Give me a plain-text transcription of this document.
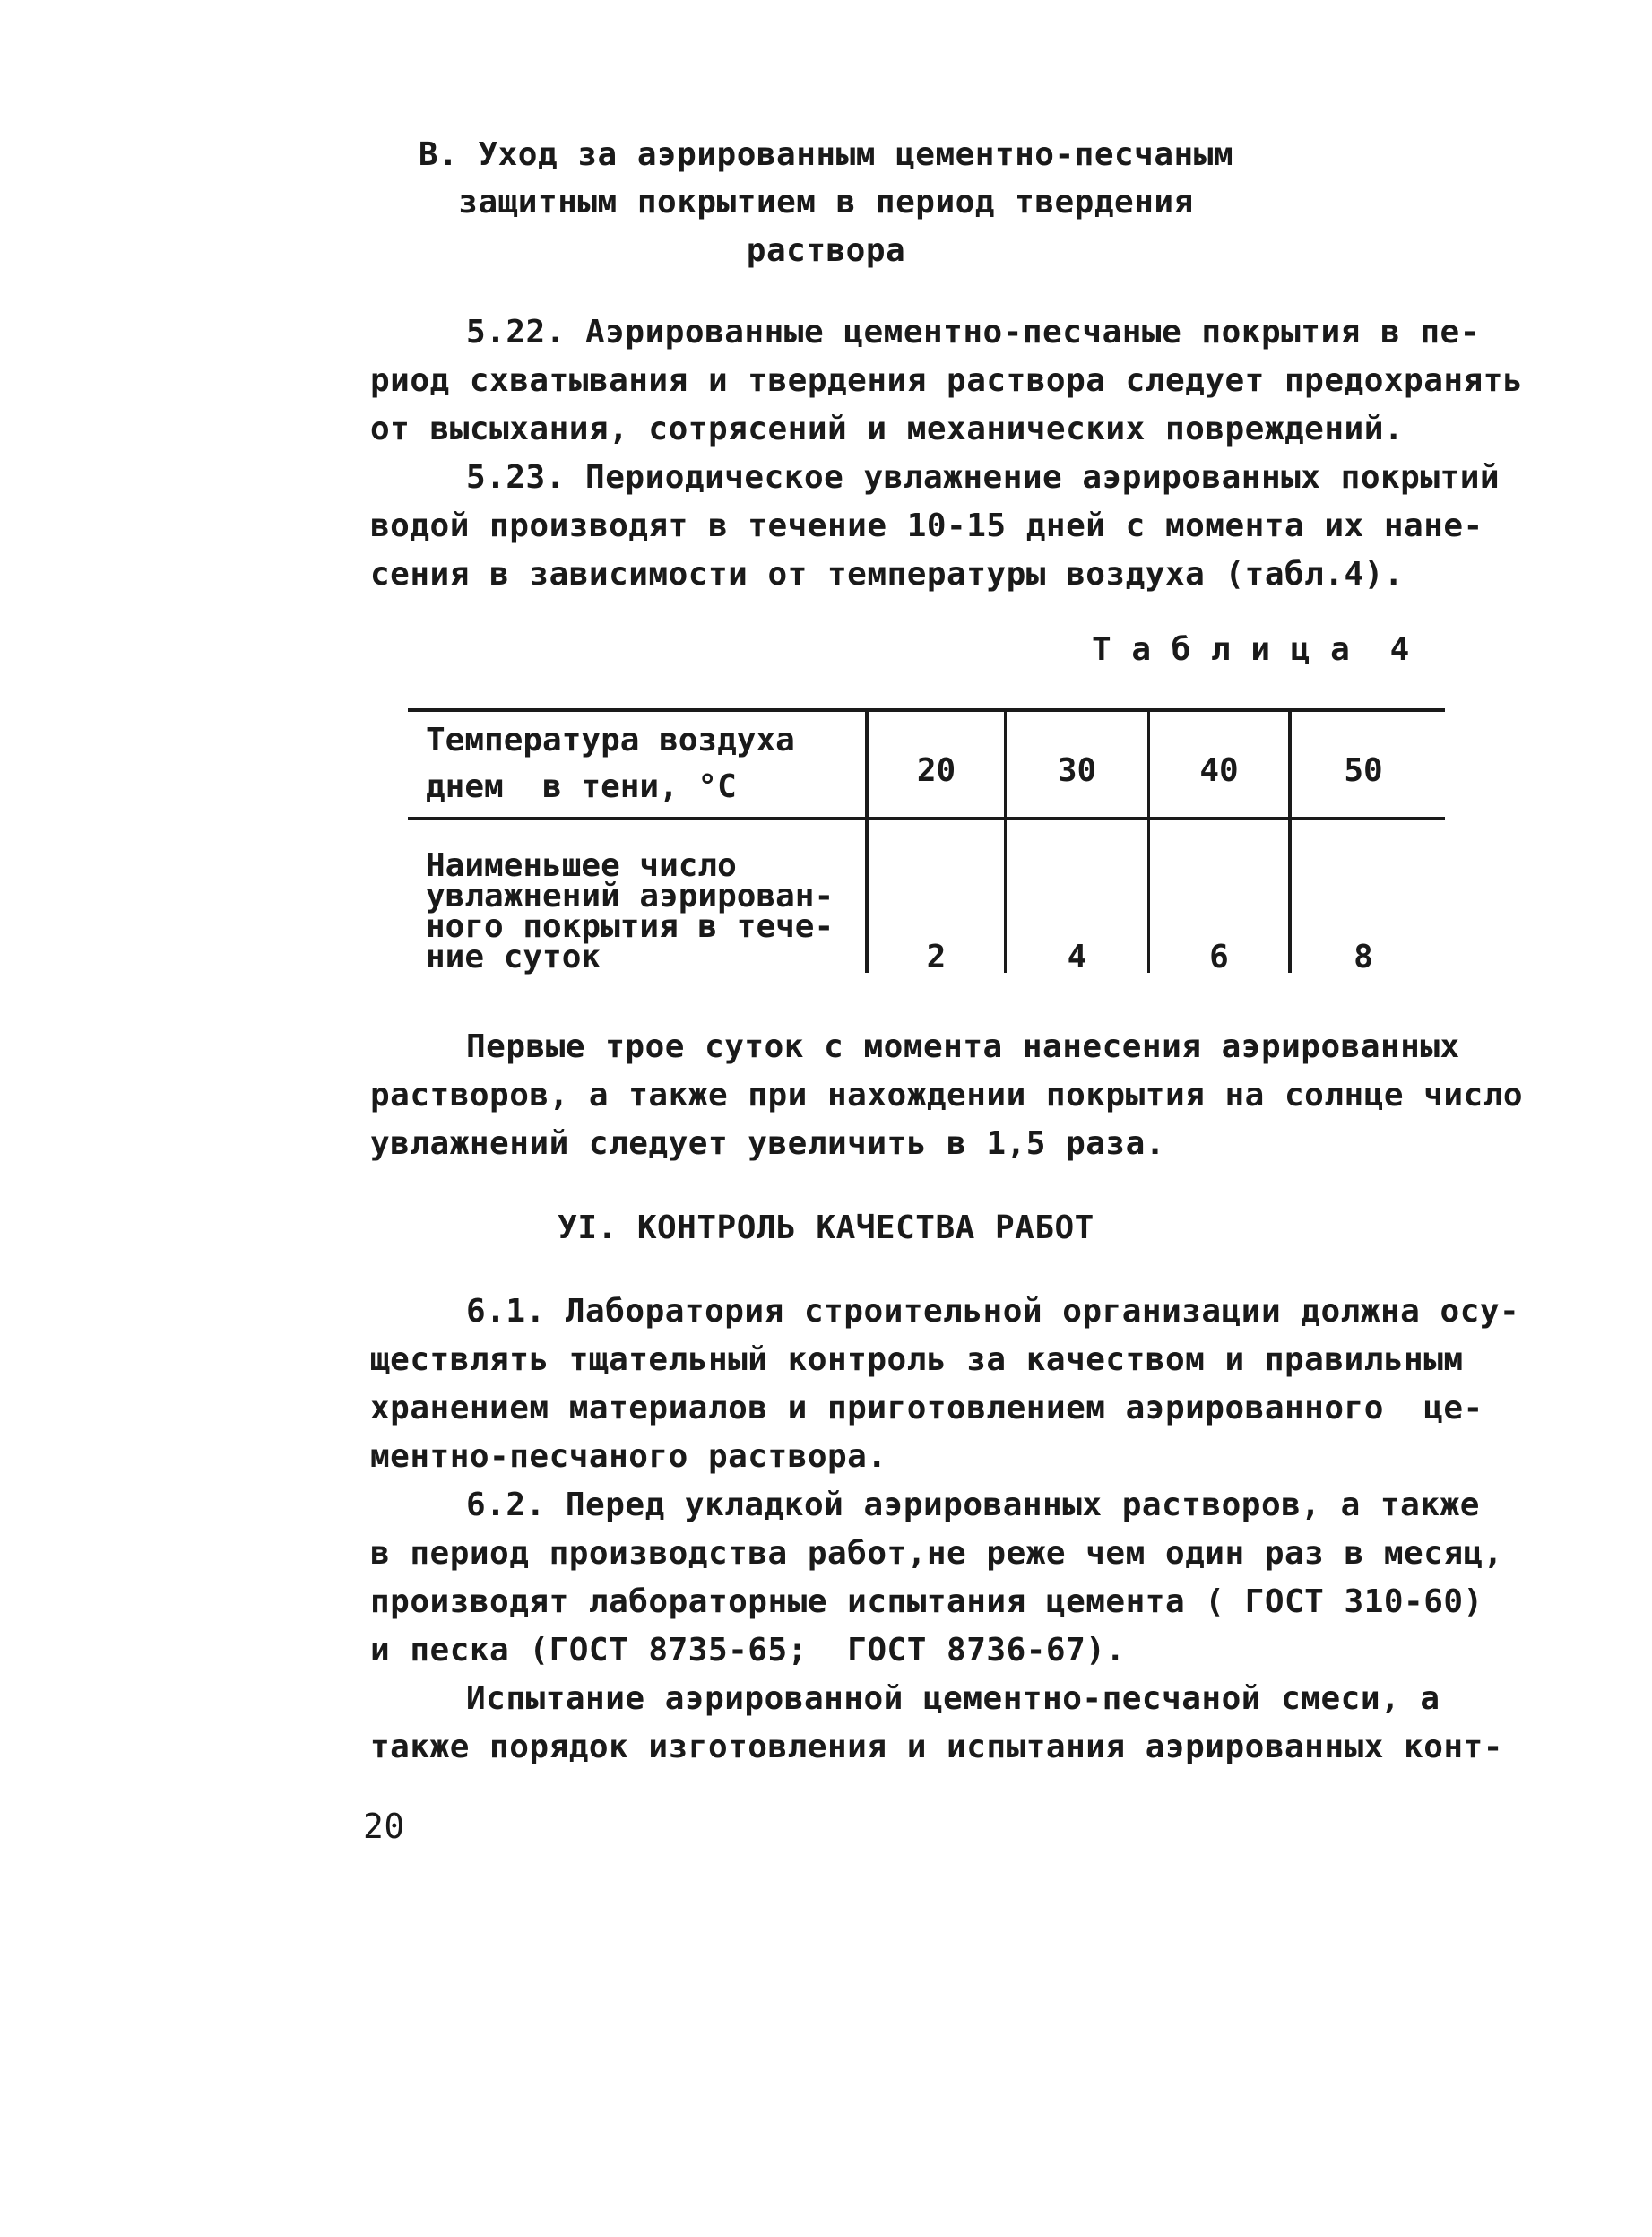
В. Уход за аэрированным цементно-песчаным
защитным покрытием в период твердения
раствора
5.22. Аэрированные цементно-песчаные покрытия в пе-
риод схватывания и твердения раствора следует предохранять
от высыхания, сотрясений и механических повреждений.
5.23. Периодическое увлажнение аэрированных покрытий
водой производят в течение 10-15 дней с момента их нане-
сения в зависимости от температуры воздуха (табл.4).
Т а б л и ц а  4
Температура воздуха
днем  в тени, °С	20	30	40	50
Наименьшее число
увлажнений аэрирован-
ного покрытия в тече-
ние суток	2	4	6	8
Первые трое суток с момента нанесения аэрированных
растворов, а также при нахождении покрытия на солнце число
увлажнений следует увеличить в 1,5 раза.
УІ. КОНТРОЛЬ КАЧЕСТВА РАБОТ
6.1. Лаборатория строительной организации должна осу-
ществлять тщательный контроль за качеством и правильным
хранением материалов и приготовлением аэрированного  це-
ментно-песчаного раствора.
6.2. Перед укладкой аэрированных растворов, а также
в период производства работ,не реже чем один раз в месяц,
производят лабораторные испытания цемента ( ГОСТ 310-60)
и песка (ГОСТ 8735-65;  ГОСТ 8736-67).
Испытание аэрированной цементно-песчаной смеси, а
также порядок изготовления и испытания аэрированных конт-
20
